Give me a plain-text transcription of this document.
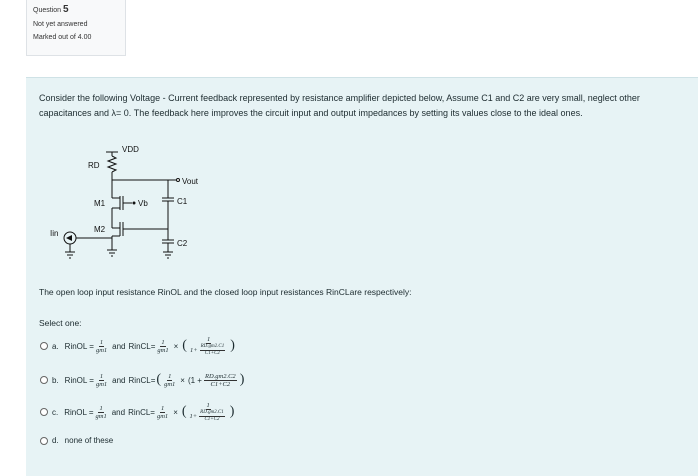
Question 5
Not yet answered
Marked out of 4.00
Consider the following Voltage - Current feedback represented by resistance amplifier depicted below, Assume C1 and C2 are very small, neglect other capacitances and λ= 0. The feedback here improves the circuit input and output impedances by setting its values close to the ideal ones.
VDD
RD
Vout
M1	Vb	C1
M2
C2
Iin
The open loop input resistance RinOL and the closed loop input resistances RinCLare respectively:
Select one:
a. RinOL = $\frac{1}{gm1}$ and RinCL= $\frac{1}{gm1}$ × ( $\frac{1}{1+ \frac{RD.gm2.C1}{C1+C2}}$ )
b. RinOL = $\frac{1}{gm1}$ and RinCL= ( $\frac{1}{gm1} \times (1 + \frac{RD.gm2.C2}{C1+C2}$ )
c. RinOL = $\frac{1}{gm1}$ and RinCL= $\frac{1}{gm1}$ × ( $\frac{1}{1+ \frac{RD.gm2.C1}{C1+C2}}$ )
d. none of these
